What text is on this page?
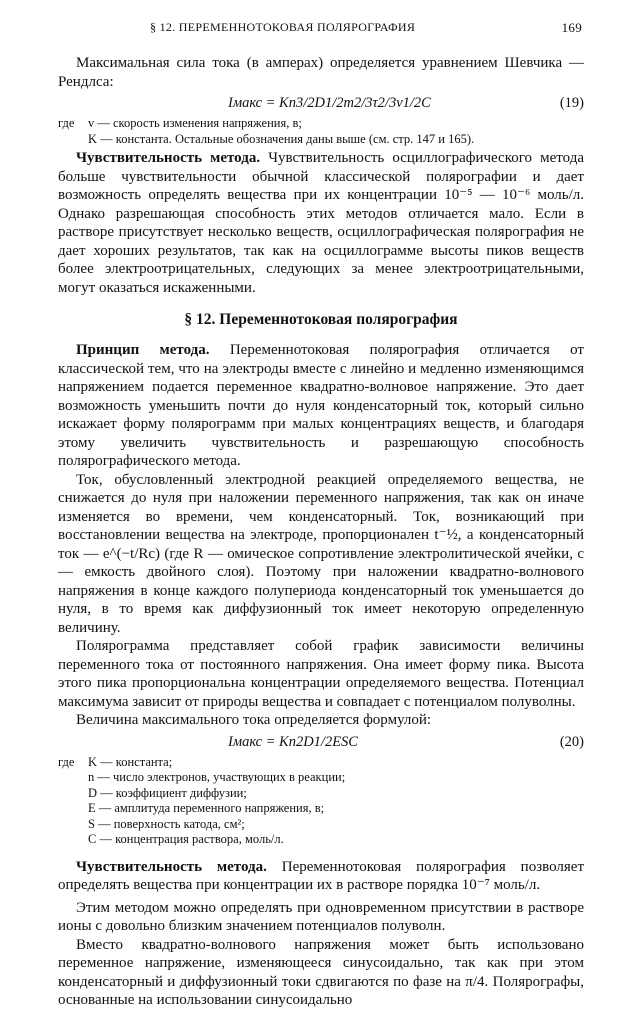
§ 12. ПЕРЕМЕННОТОКОВАЯ ПОЛЯРОГРАФИЯ	169

Максимальная сила тока (в амперах) определяется уравнением Шевчика — Рендлса:

Iмакс = Kn3/2D1/2m2/3τ2/3v1/2C	(19)
где	v — скорость изменения напряжения, в;
K — константа. Остальные обозначения даны выше (см. стр. 147 и 165).

Чувствительность метода. Чувствительность осциллографического метода больше чувствительности обычной классической полярографии и дает возможность определять вещества при их концентрации 10⁻⁵ — 10⁻⁶ моль/л. Однако разрешающая способность этих методов отличается мало. Если в растворе присутствует несколько веществ, осциллографическая полярография не дает хороших результатов, так как на осциллограмме высоты пиков веществ более электроотрицательных, следующих за менее электроотрицательными, могут оказаться искаженными.

§ 12. Переменнотоковая полярография

Принцип метода. Переменнотоковая полярография отличается от классической тем, что на электроды вместе с линейно и медленно изменяющимся напряжением подается переменное квадратно-волновое напряжение. Это дает возможность уменьшить почти до нуля конденсаторный ток, который сильно искажает форму полярограмм при малых концентрациях веществ, и благодаря этому увеличить чувствительность и разрешающую способность полярографического метода.

Ток, обусловленный электродной реакцией определяемого вещества, не снижается до нуля при наложении переменного напряжения, так как он иначе изменяется во времени, чем конденсаторный. Ток, возникающий при восстановлении вещества на электроде, пропорционален t⁻½, а конденсаторный ток — e^(−t/Rc) (где R — омическое сопротивление электролитической ячейки, c — емкость двойного слоя). Поэтому при наложении квадратно-волнового напряжения в конце каждого полупериода конденсаторный ток уменьшается до нуля, в то время как диффузионный ток имеет некоторую определенную величину.

Полярограмма представляет собой график зависимости величины переменного тока от постоянного напряжения. Она имеет форму пика. Высота этого пика пропорциональна концентрации определяемого вещества. Потенциал максимума зависит от природы вещества и совпадает с потенциалом полуволны.

Величина максимального тока определяется формулой:

Iмакс = Kn2D1/2ESC	(20)
где	K — константа;
n — число электронов, участвующих в реакции;
D — коэффициент диффузии;
E — амплитуда переменного напряжения, в;
S — поверхность катода, см²;
C — концентрация раствора, моль/л.

Чувствительность метода. Переменнотоковая полярография позволяет определять вещества при концентрации их в растворе порядка 10⁻⁷ моль/л.

Этим методом можно определять при одновременном присутствии в растворе ионы с довольно близким значением потенциалов полуволн.

Вместо квадратно-волнового напряжения может быть использовано переменное напряжение, изменяющееся синусоидально, так как при этом конденсаторный и диффузионный токи сдвигаются по фазе на π/4. Полярографы, основанные на использовании синусоидально
